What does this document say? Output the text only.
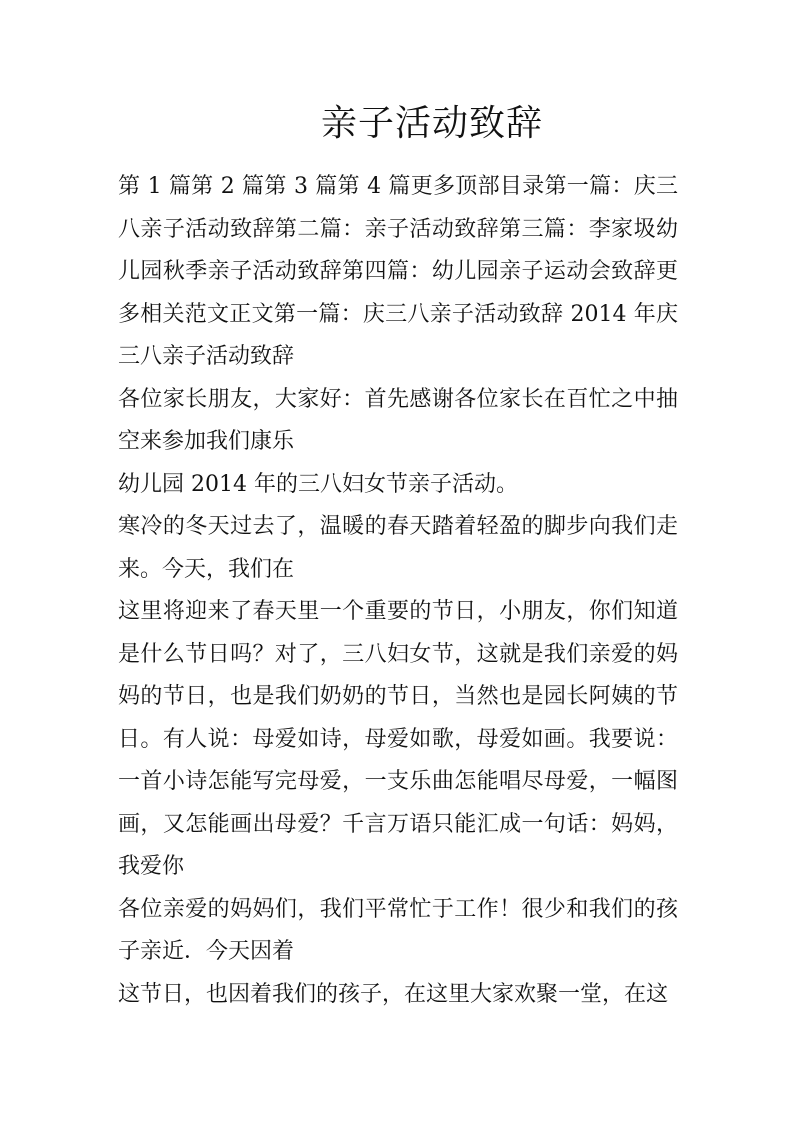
亲子活动致辞

第 1 篇第 2 篇第 3 篇第 4 篇更多顶部目录第一篇：庆三八亲子活动致辞第二篇：亲子活动致辞第三篇：李家圾幼儿园秋季亲子活动致辞第四篇：幼儿园亲子运动会致辞更多相关范文正文第一篇：庆三八亲子活动致辞 2014 年庆三八亲子活动致辞

各位家长朋友，大家好：首先感谢各位家长在百忙之中抽空来参加我们康乐

幼儿园 2014 年的三八妇女节亲子活动。

寒冷的冬天过去了，温暖的春天踏着轻盈的脚步向我们走来。今天，我们在

这里将迎来了春天里一个重要的节日，小朋友，你们知道是什么节日吗？对了，三八妇女节，这就是我们亲爱的妈妈的节日，也是我们奶奶的节日，当然也是园长阿姨的节日。有人说：母爱如诗，母爱如歌，母爱如画。我要说：一首小诗怎能写完母爱，一支乐曲怎能唱尽母爱，一幅图画，又怎能画出母爱？千言万语只能汇成一句话：妈妈，我爱你

各位亲爱的妈妈们，我们平常忙于工作！很少和我们的孩子亲近．今天因着

这节日，也因着我们的孩子，在这里大家欢聚一堂，在这
